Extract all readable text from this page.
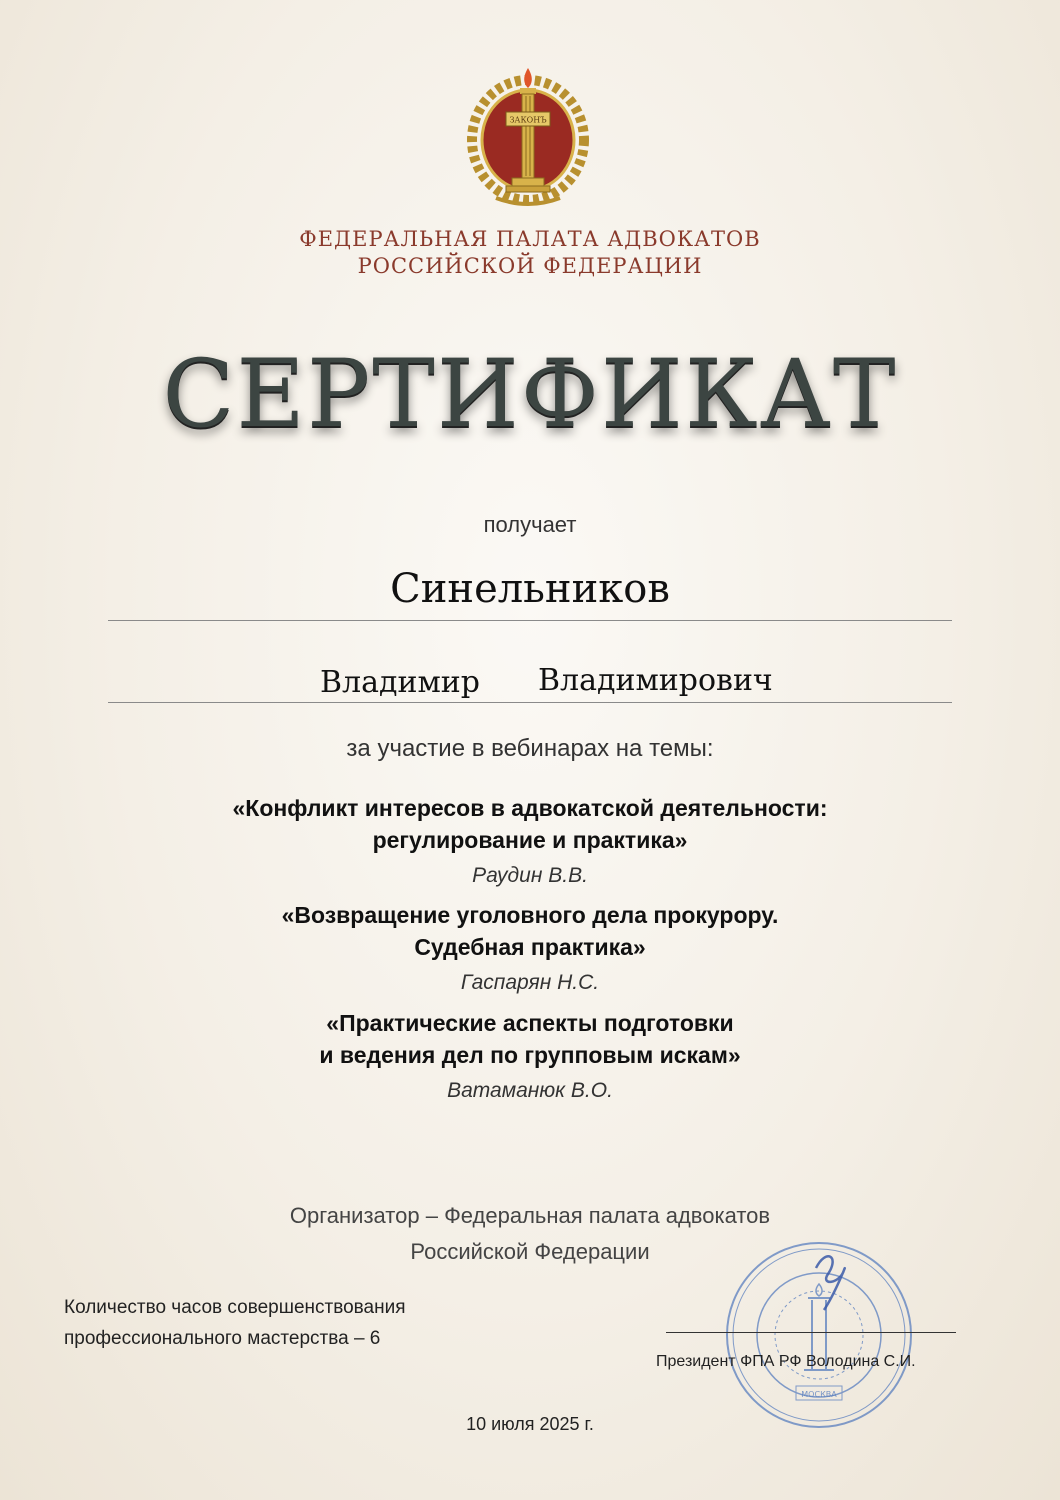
ЗАКОНЪ
ФЕДЕРАЛЬНАЯ ПАЛАТА АДВОКАТОВ
РОССИЙСКОЙ ФЕДЕРАЦИИ
СЕРТИФИКАТ
получает
Синельников
Владимир Владимирович
за участие в вебинарах на темы:
«Конфликт интересов в адвокатской деятельности:
регулирование и практика»
Раудин В.В.
«Возвращение уголовного дела прокурору.
Судебная практика»
Гаспарян Н.С.
«Практические аспекты подготовки
и ведения дел по групповым искам»
Ватаманюк В.О.
Организатор – Федеральная палата адвокатов
Российской Федерации
Количество часов совершенствования
профессионального мастерства – 6
МОСКВА
Президент ФПА РФ Володина С.И.
10 июля 2025 г.
